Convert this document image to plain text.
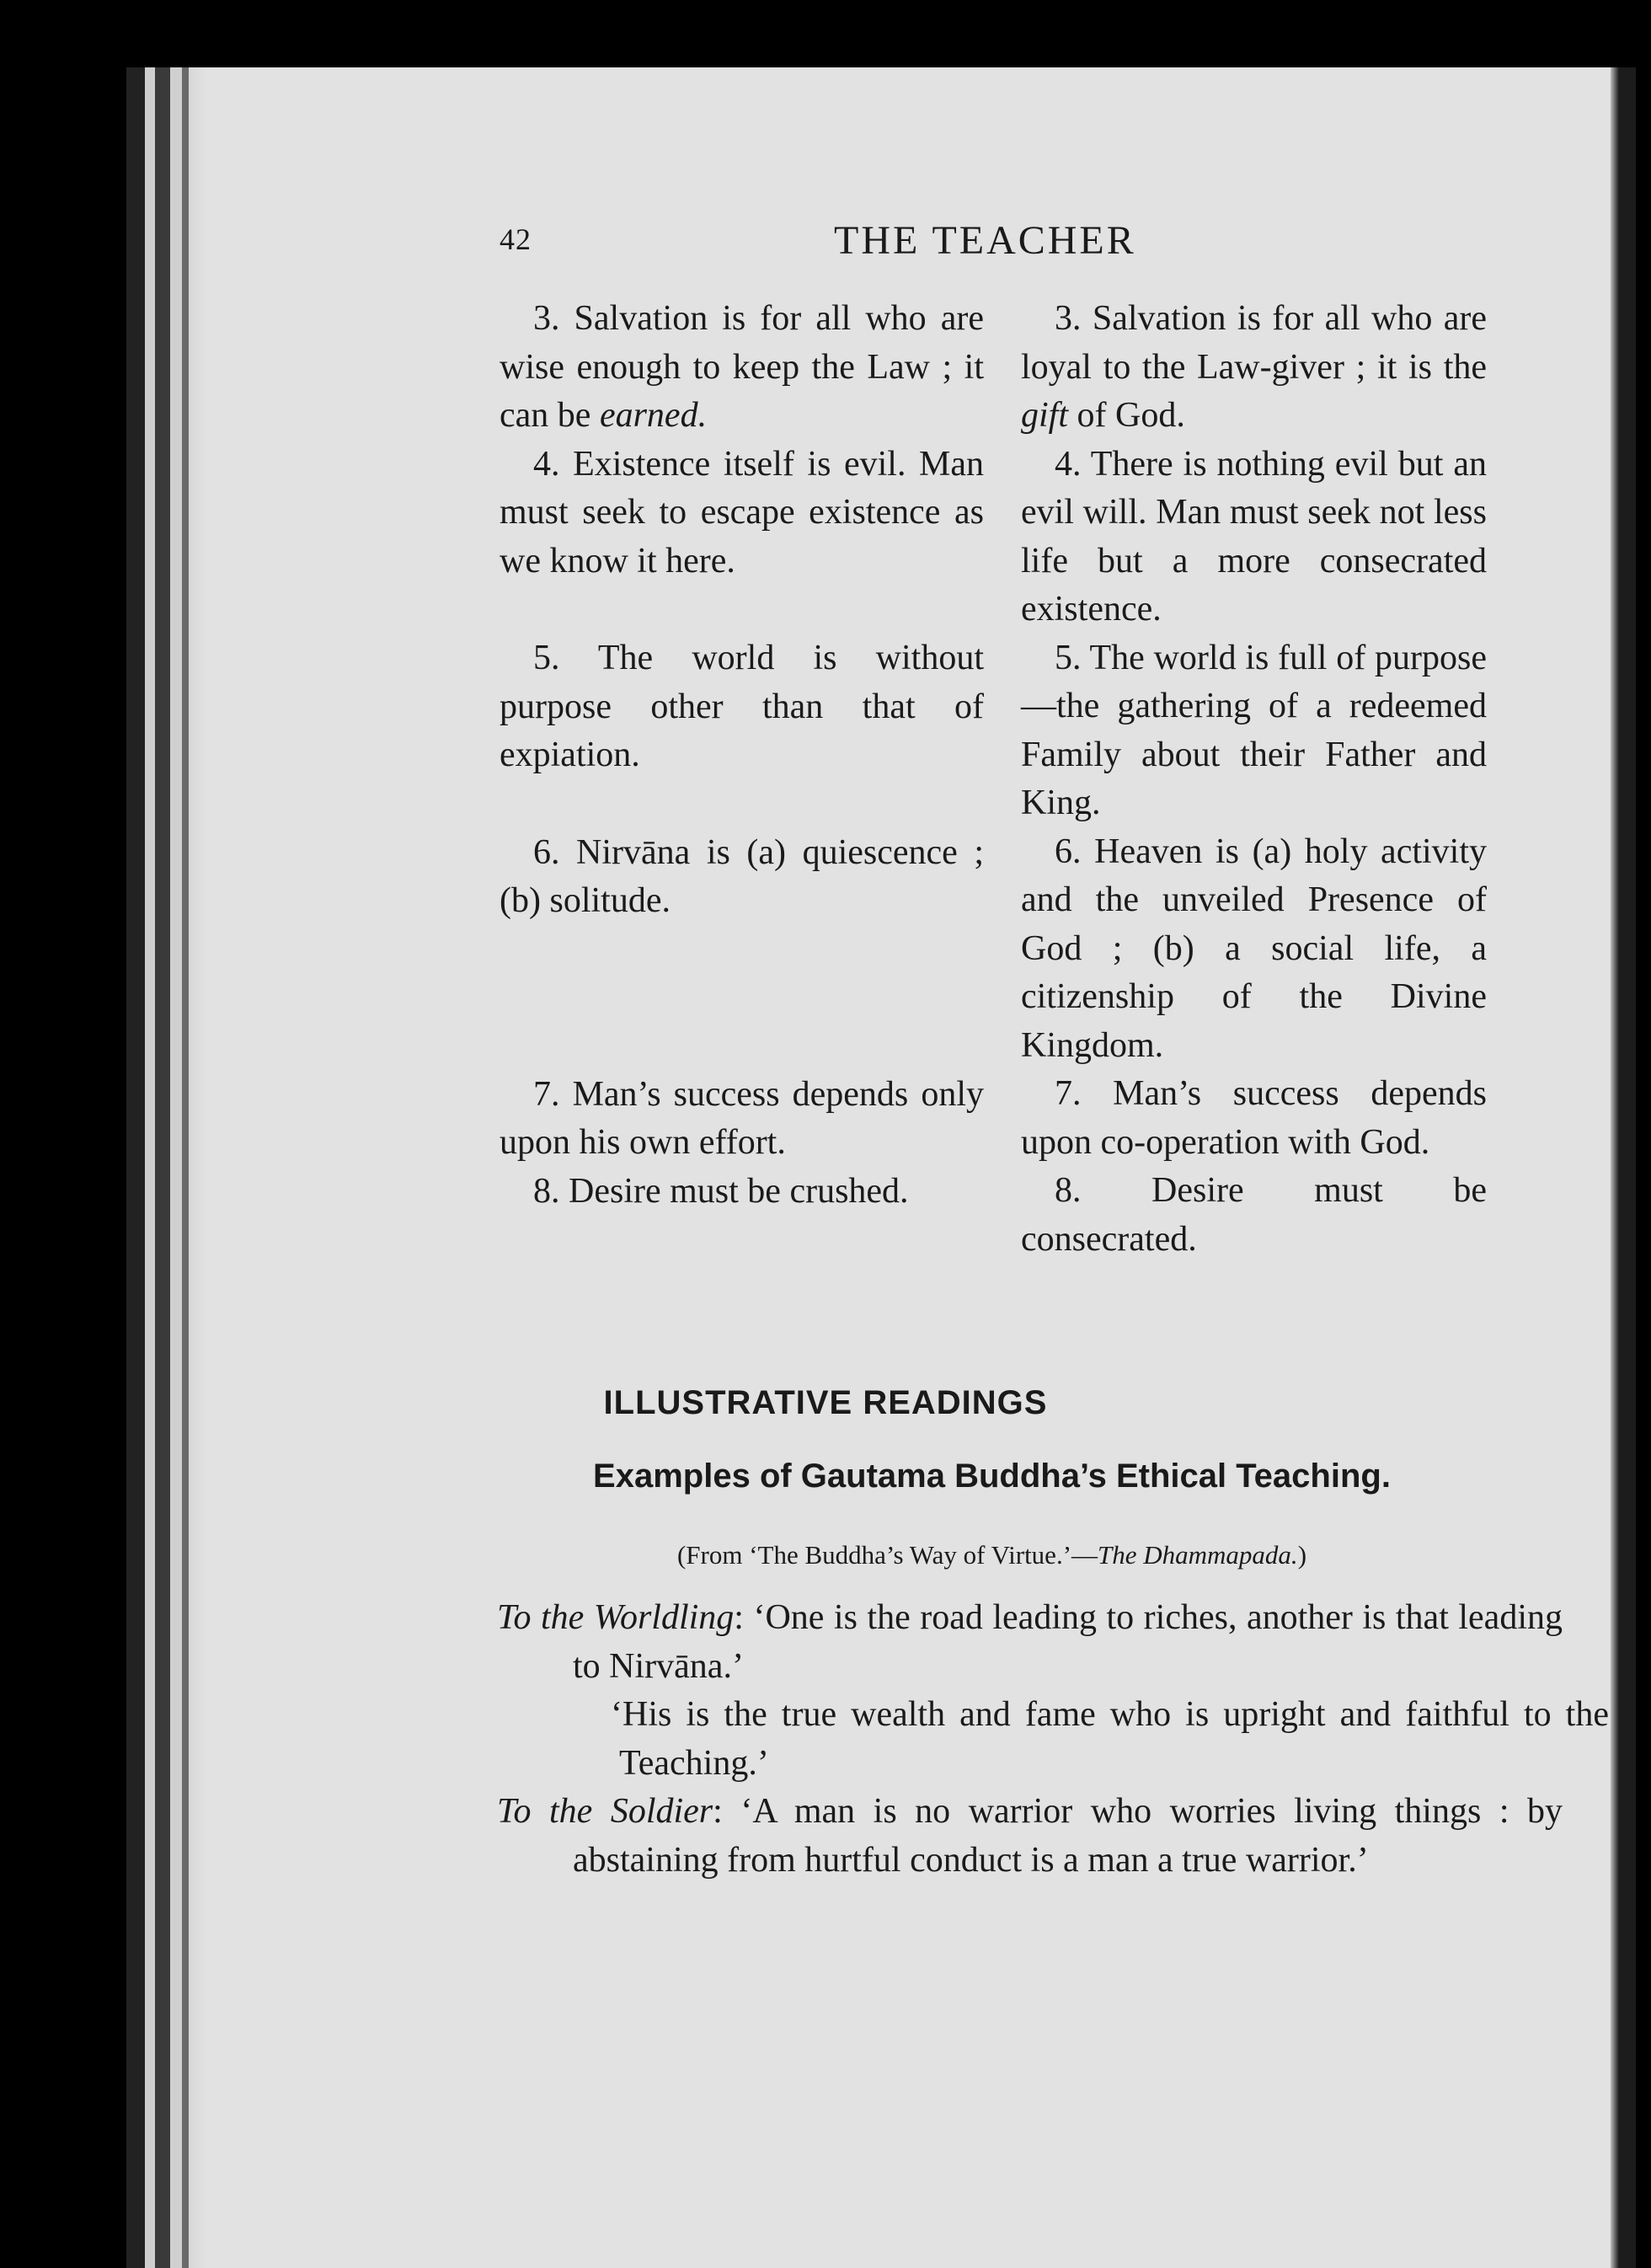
42	THE TEACHER

3. Salvation is for all who are wise enough to keep the Law ; it can be earned.

4. Existence itself is evil. Man must seek to escape existence as we know it here.

5. The world is without purpose other than that of expiation.

6. Nirvāna is (a) quiescence ; (b) solitude.

7. Man’s success depends only upon his own effort.

8. Desire must be crushed.

3. Salvation is for all who are loyal to the Law-giver ; it is the gift of God.

4. There is nothing evil but an evil will. Man must seek not less life but a more consecrated existence.

5. The world is full of purpose—the gathering of a redeemed Family about their Father and King.

6. Heaven is (a) holy activity and the unveiled Presence of God ; (b) a social life, a citizenship of the Divine Kingdom.

7. Man’s success depends upon co-operation with God.

8. Desire must be consecrated.

ILLUSTRATIVE READINGS
Examples of Gautama Buddha’s Ethical Teaching.
(From ‘The Buddha’s Way of Virtue.’—The Dhammapada.)
To the Worldling: ‘One is the road leading to riches, another is that leading to Nirvāna.’
‘His is the true wealth and fame who is upright and faithful to the Teaching.’
To the Soldier: ‘A man is no warrior who worries living things : by abstaining from hurtful conduct is a man a true warrior.’
